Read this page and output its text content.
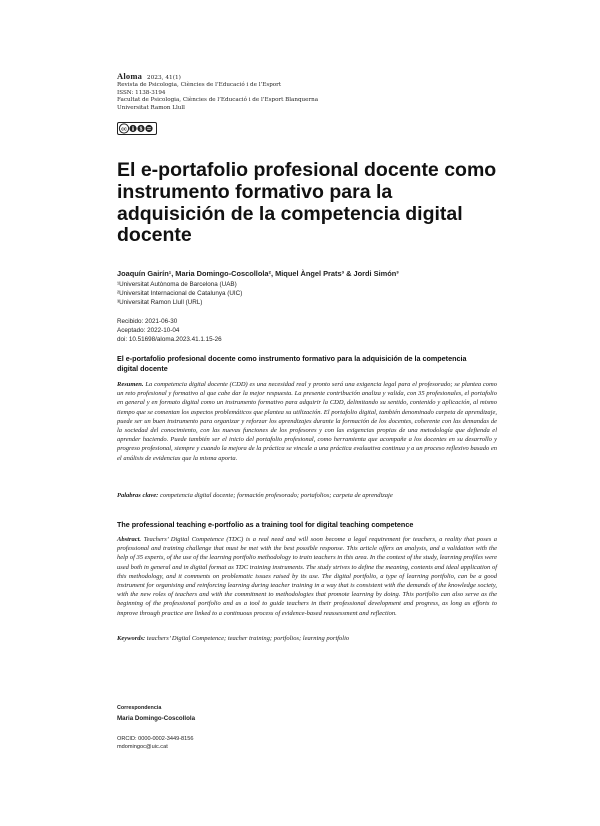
Aloma 2023, 41(1)
Revista de Psicologia, Ciències de l’Educació i de l’Esport
ISSN: 1138-3194
Facultat de Psicologia, Ciències de l’Educació i de l’Esport Blanquerna
Universitat Ramon Llull
cc	$
El e-portafolio profesional docente como instrumento formativo para la adquisición de la competencia digital docente
Joaquín Gairín¹, Maria Domingo-Coscollola², Miquel Àngel Prats³ & Jordi Simón³
¹Universitat Autònoma de Barcelona (UAB)
²Universitat Internacional de Catalunya (UIC)
³Universitat Ramon Llull (URL)
Recibido: 2021-06-30
Aceptado: 2022-10-04
doi: 10.51698/aloma.2023.41.1.15-26
El e-portafolio profesional docente como instrumento formativo para la adquisición de la competencia digital docente

Resumen. La competencia digital docente (CDD) es una necesidad real y pronto será una exigencia legal para el profesorado; se plantea como un reto profesional y formativo al que cabe dar la mejor respuesta. La presente contribución analiza y valida, con 35 profesionales, el portafolio en general y en formato digital como un instrumento formativo para adquirir la CDD, delimitando su sentido, contenido y aplicación, al mismo tiempo que se comentan los aspectos problemáticos que plantea su utilización. El portafolio digital, también denominado carpeta de aprendizaje, puede ser un buen instrumento para organizar y reforzar los aprendizajes durante la formación de los docentes, coherente con las demandas de la sociedad del conocimiento, con las nuevas funciones de los profesores y con las exigencias propias de una metodología que defienda el aprender haciendo. Puede también ser el inicio del portafolio profesional, como herramienta que acompañe a los docentes en su desarrollo y progreso profesional, siempre y cuando la mejora de la práctica se vincule a una práctica evaluativa continua y a un proceso reflexivo basado en el análisis de evidencias que la misma aporta.

Palabras clave: competencia digital docente; formación profesorado; portafolios; carpeta de aprendizaje
The professional teaching e-portfolio as a training tool for digital teaching competence

Abstract. Teachers’ Digital Competence (TDC) is a real need and will soon become a legal requirement for teachers, a reality that poses a professional and training challenge that must be met with the best possible response. This article offers an analysis, and a validation with the help of 35 experts, of the use of the learning portfolio methodology to train teachers in this area. In the context of the study, learning profiles were used both in general and in digital format as TDC training instruments. The study strives to define the meaning, contents and ideal application of this methodology, and it comments on problematic issues raised by its use. The digital portfolio, a type of learning portfolio, can be a good instrument for organising and reinforcing learning during teacher training in a way that is consistent with the demands of the knowledge society, with the new roles of teachers and with the commitment to methodologies that promote learning by doing. This portfolio can also serve as the beginning of the professional portfolio and as a tool to guide teachers in their professional development and progress, as long as efforts to improve through practice are linked to a continuous process of evidence-based reassessment and reflection.

Keywords: teachers’ Digital Competence; teacher training; portfolios; learning portfolio
Correspondencia
Maria Domingo-Coscollola
ORCID: 0000-0002-3449-8156
mdomingoc@uic.cat
